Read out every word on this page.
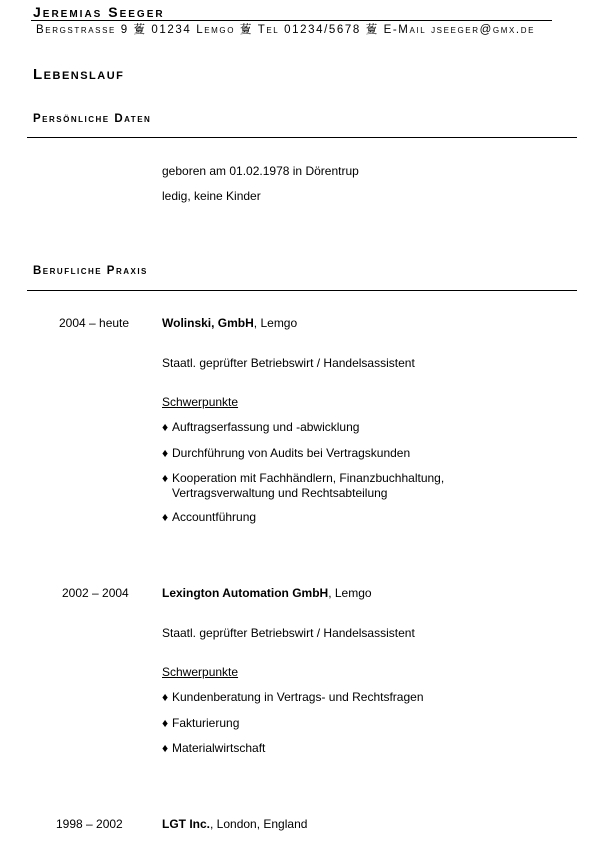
Jeremias Seeger
Bergstrasse 9 藑 01234 Lemgo 藑 Tel 01234/5678 藑 E-Mail jseeger@gmx.de
Lebenslauf
Persönliche Daten
geboren am 01.02.1978 in Dörentrup
ledig, keine Kinder
Berufliche Praxis
2004 – heute	Wolinski, GmbH, Lemgo
Staatl. geprüfter Betriebswirt / Handelsassistent
Schwerpunkte
♦ Auftragserfassung und -abwicklung
♦ Durchführung von Audits bei Vertragskunden
♦ Kooperation mit Fachhändlern, Finanzbuchhaltung,
Vertragsverwaltung und Rechtsabteilung
♦ Accountführung
2002 – 2004	Lexington Automation GmbH, Lemgo
Staatl. geprüfter Betriebswirt / Handelsassistent
Schwerpunkte
♦ Kundenberatung in Vertrags- und Rechtsfragen
♦ Fakturierung
♦ Materialwirtschaft
1998 – 2002	LGT Inc., London, England
